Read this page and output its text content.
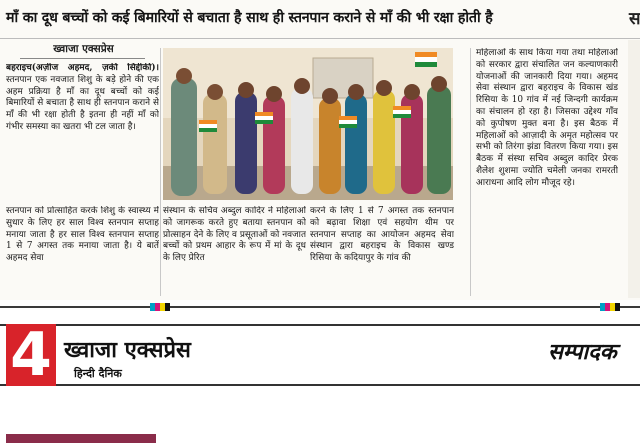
माँ का दूध बच्चों को कई बिमारियों से बचाता है साथ ही स्तनपान कराने से माँ की भी रक्षा होती है	स
ख्वाजा एक्सप्रेस
बहराइच(अज़ीज अहमद, ज़की सिद्दीकी)। स्तनपान एक नवजात शिशु के बड़े होने की एक अहम प्रक्रिया है माँ का दूध बच्चों को कई बिमारियों से बचाता है साथ ही स्तनपान कराने से माँ की भी रक्षा होती है इतना ही नहीं माँ को गंभीर समस्या का खतरा भी टल जाता है।
स्तनपान को प्रोत्साहित करके शिशु के स्वास्थ्य में सुधार के लिए हर साल विश्व स्तनपान सप्ताह मनाया जाता है हर साल विश्व स्तनपान सप्ताह 1 से 7 अगस्त तक मनाया जाता है। ये बातें अहमद सेवा
संस्थान के सचिव अब्दुल कादिर ने महिलाओं को जागरूक करते हुए बताया स्तनपान को प्रोत्साहन देने के लिए व प्रसूताओं को नवजात बच्चों को प्रथम आहार के रूप में मां के दूध के लिए प्रेरित
करने के लिए 1 से 7 अगस्त तक स्तनपान को बढ़ावा शिक्षा एवं सहयोग थीम पर स्तनपान सप्ताह का आयोजन अहमद सेवा संस्थान द्वारा बहराइच के विकास खण्ड रिसिया के कदियापुर के गांव की
महिलाओं के साथ किया गया तथा महिलाओं को सरकार द्वारा संचालित जन कल्याणकारी योजनाओं की जानकारी दिया गया। अहमद सेवा संस्थान द्वारा बहराइच के विकास खंड रिसिया के 10 गांव में नई जिन्दगी कार्यक्रम का संचालन हो रहा है। जिसका उद्देश्य गाँव को कुपोषण मुक्त बना है। इस बैठक में महिलाओं को आज़ादी के अमृत महोत्सव पर सभी को तिरंगा झंडा वितरण किया गया। इस बैठक में संस्था सचिव अब्दुल कादिर प्रेरक शैलेश शुशमा ज्योति चमेली जनका रामरती आराधना आदि लोग मौजूद रहे।
4 ख्वाजा एक्सप्रेस
हिन्दी दैनिक
सम्पादक
